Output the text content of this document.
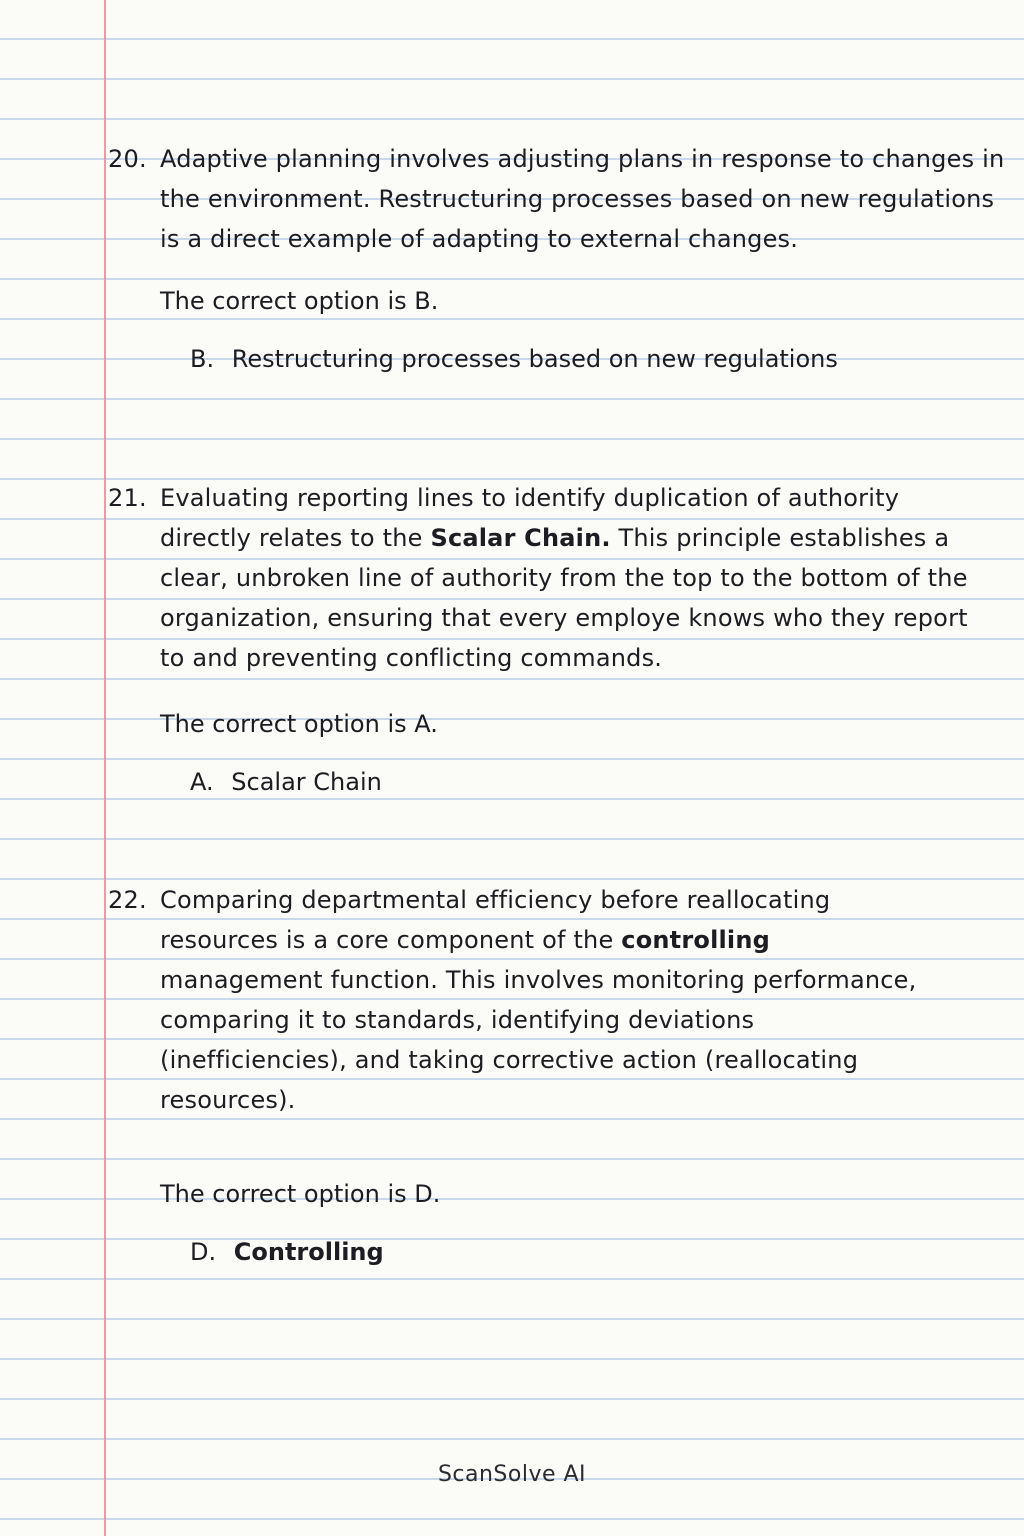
20. Adaptive planning involves adjusting plans in response to changes in the environment. Restructuring processes based on new regulations is a direct example of adapting to external changes.
The correct option is B.
B. Restructuring processes based on new regulations
21. Evaluating reporting lines to identify duplication of authority directly relates to the Scalar Chain. This principle establishes a clear, unbroken line of authority from the top to the bottom of the organization, ensuring that every employe knows who they report to and preventing conflicting commands.
The correct option is A.
A. Scalar Chain
22. Comparing departmental efficiency before reallocating resources is a core component of the controlling management function. This involves monitoring performance, comparing it to standards, identifying deviations (inefficiencies), and taking corrective action (reallocating resources).
The correct option is D.
D. Controlling
ScanSolve AI
